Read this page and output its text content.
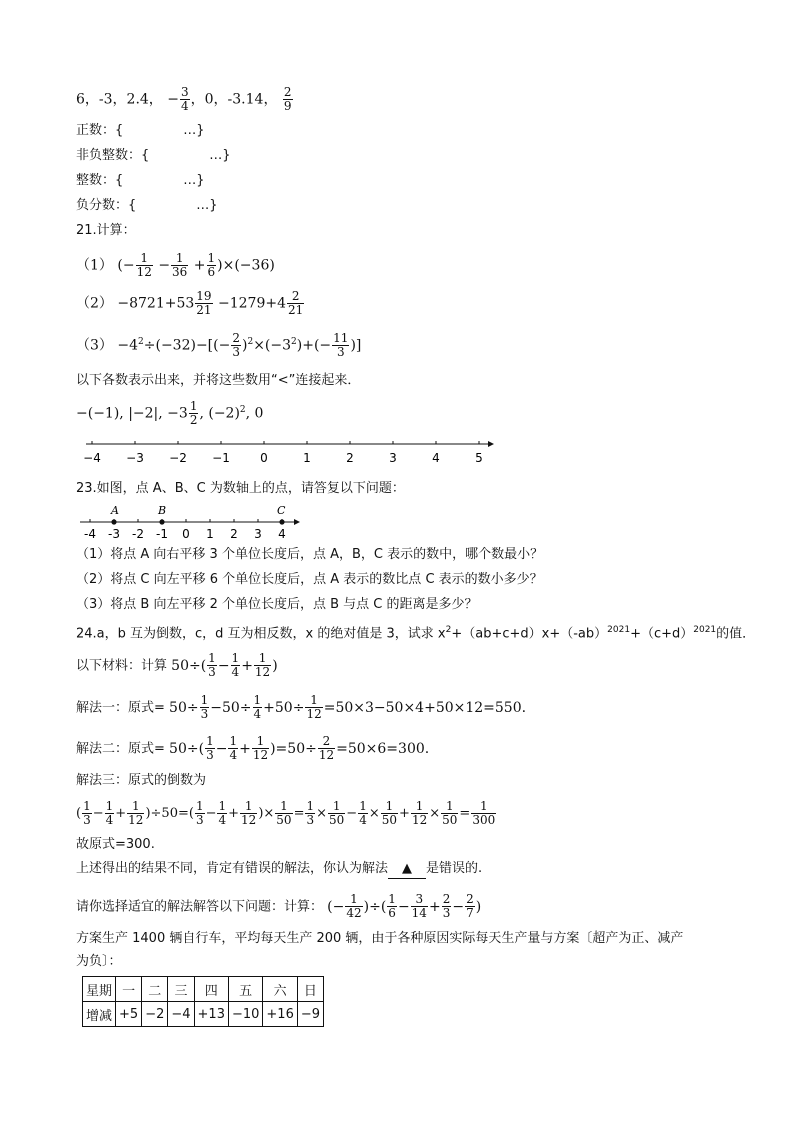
6，-3，2.4， − $\frac{3}{4}$ ，0，-3.14， $\frac{2}{9}$
正数：{	…}
非负整数：{	…}
整数：{	…}
负分数：{	…}
21.计算：
（1） (− $\frac{1}{12} - \frac{1}{36} + \frac{1}{6} )\times(-36)$
$(2) -8721+53 \frac{19}{21} -1279+4 \frac{2}{21}$
$(3) -4^2\div(-32)-[(- \frac{2}{3} )^2\times(-3^2)+(- \frac{11}{3}$ )]
以下各数表示出来，并将这些数用“<”连接起来．
−(−1), |−2|, $-3 \frac{1}{2}$ , $(-2)^2$, 0
−4 −3 −2 −1	0	1	2	3	4	5
23.如图，点 A、B、C 为数轴上的点，请答复以下问题：
-4 -3 -2 -1 0 1 2 3 4
A	B	C
（1）将点 A 向右平移 3 个单位长度后，点 A，B，C 表示的数中，哪个数最小？
（2）将点 C 向左平移 6 个单位长度后，点 A 表示的数比点 C 表示的数小多少？
（3）将点 B 向左平移 2 个单位长度后，点 B 与点 C 的距离是多少？
24.a，b 互为倒数，c，d 互为相反数，x 的绝对值是 3，试求 $x^2+(ab+c+d)x+(-ab)^{2021}+(c+d)^{2021}$的值．
以下材料：计算 $50\div( \frac{1}{3} - \frac{1}{4} + \frac{1}{12}$ )
解法一：原式= $50\div \frac{1}{3} -50\div \frac{1}{4} +50\div \frac{1}{12} =50\times 3-50\times 4+50\times 12=550$.
解法二：原式= $50\div( \frac{1}{3} - \frac{1}{4} + \frac{1}{12} )=50\div \frac{2}{12} =50\times 6=300$.
解法三：原式的倒数为
( $\frac{1}{3} - \frac{1}{4} + \frac{1}{12} )\div 50=( \frac{1}{3} - \frac{1}{4} + \frac{1}{12}$ )× $\frac{1}{50} = \frac{1}{3} \times \frac{1}{50} - \frac{1}{4} \times \frac{1}{50} + \frac{1}{12} \times \frac{1}{50} = \frac{1}{300}$
故原式=300.
上述得出的结果不同，肯定有错误的解法，你认为解法 ▲ 是错误的.
请你选择适宜的解法解答以下问题：计算： (− $\frac{1}{42}$ )÷( $\frac{1}{6} - \frac{3}{14} + \frac{2}{3} - \frac{2}{7}$ )
方案生产 1400 辆自行车，平均每天生产 200 辆，由于各种原因实际每天生产量与方案〔超产为正、减产
为负〕：
星期	一	二	三	四	五	六	日
增减	+5	−2	−4	+13	−10	+16	−9
